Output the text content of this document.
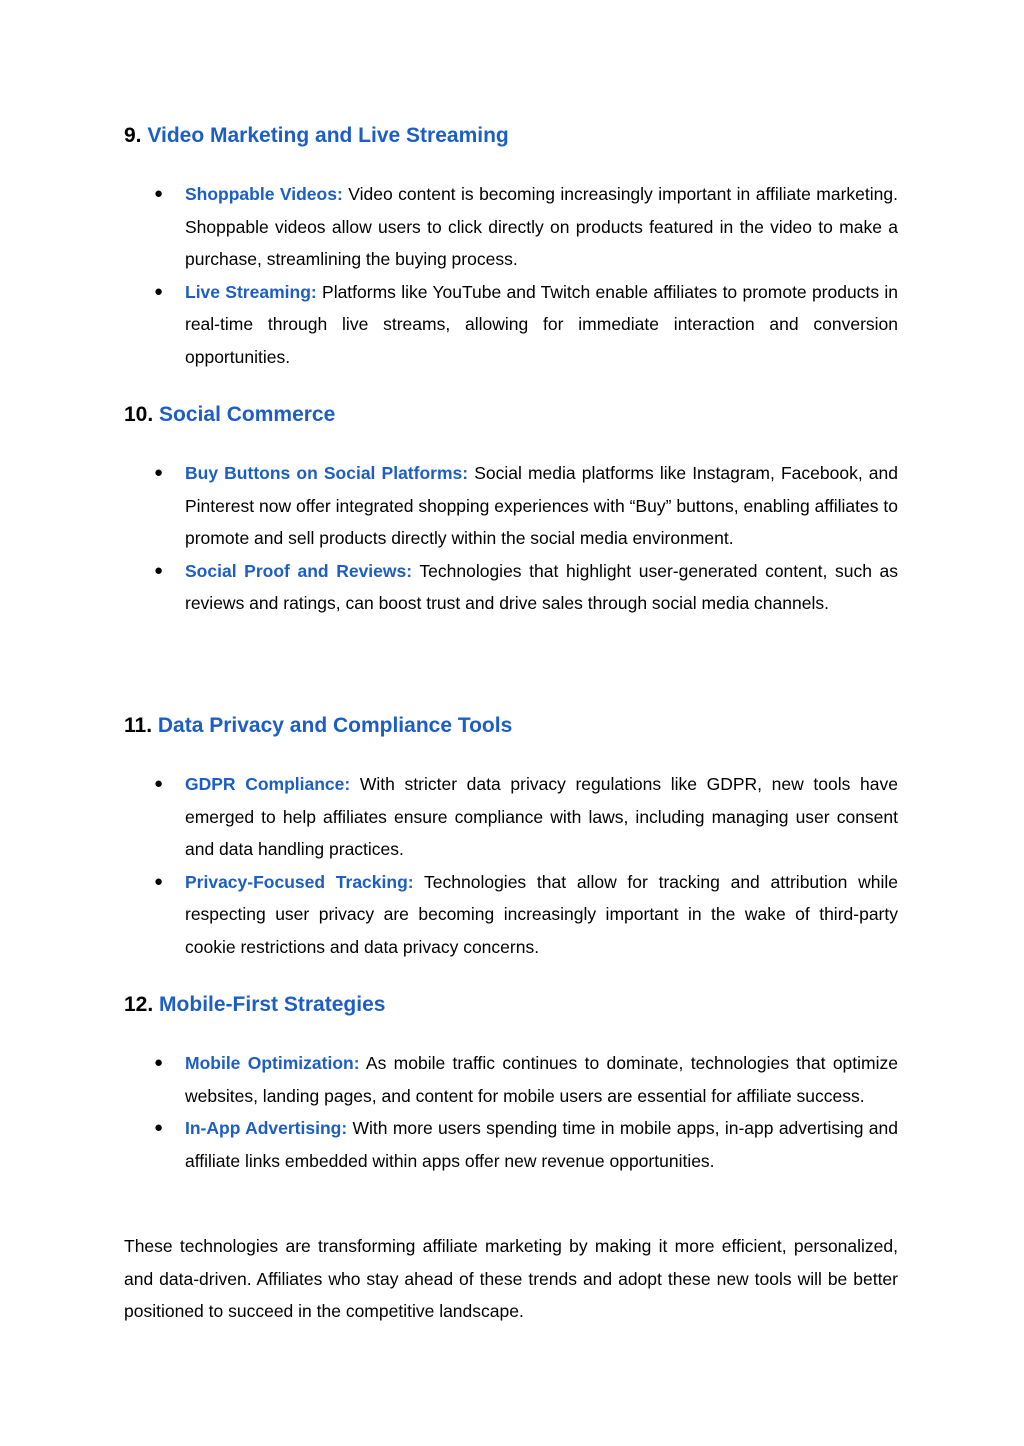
9. Video Marketing and Live Streaming
● Shoppable Videos: Video content is becoming increasingly important in affiliate marketing. Shoppable videos allow users to click directly on products featured in the video to make a purchase, streamlining the buying process.
● Live Streaming: Platforms like YouTube and Twitch enable affiliates to promote products in real-time through live streams, allowing for immediate interaction and conversion opportunities.
10. Social Commerce
● Buy Buttons on Social Platforms: Social media platforms like Instagram, Facebook, and Pinterest now offer integrated shopping experiences with “Buy” buttons, enabling affiliates to promote and sell products directly within the social media environment.
● Social Proof and Reviews: Technologies that highlight user-generated content, such as reviews and ratings, can boost trust and drive sales through social media channels.
11. Data Privacy and Compliance Tools
● GDPR Compliance: With stricter data privacy regulations like GDPR, new tools have emerged to help affiliates ensure compliance with laws, including managing user consent and data handling practices.
● Privacy-Focused Tracking: Technologies that allow for tracking and attribution while respecting user privacy are becoming increasingly important in the wake of third-party cookie restrictions and data privacy concerns.
12. Mobile-First Strategies
● Mobile Optimization: As mobile traffic continues to dominate, technologies that optimize websites, landing pages, and content for mobile users are essential for affiliate success.
● In-App Advertising: With more users spending time in mobile apps, in-app advertising and affiliate links embedded within apps offer new revenue opportunities.

These technologies are transforming affiliate marketing by making it more efficient, personalized, and data-driven. Affiliates who stay ahead of these trends and adopt these new tools will be better positioned to succeed in the competitive landscape.
